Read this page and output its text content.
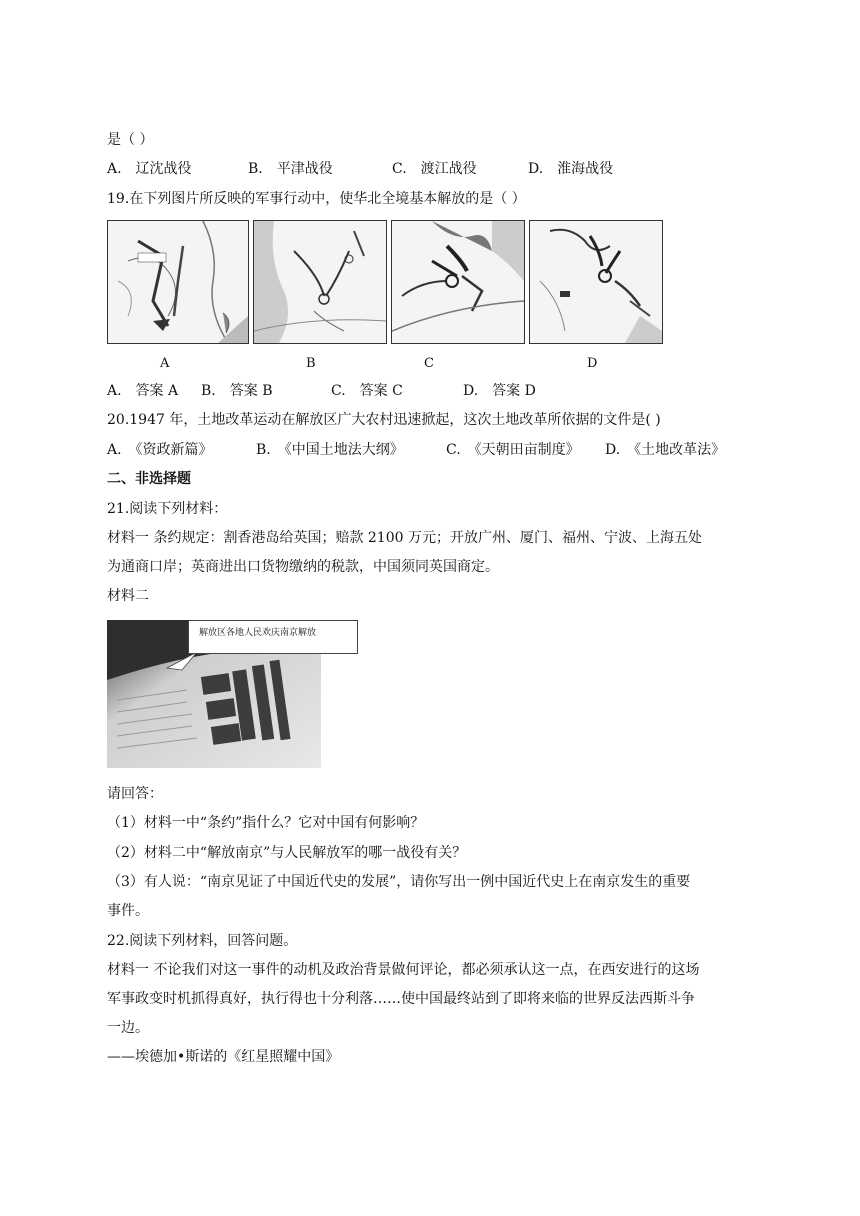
是（ ）
A.　辽沈战役	B.　平津战役	C.　渡江战役	D.　淮海战役
19.在下列图片所反映的军事行动中，使华北全境基本解放的是（ ）
A	B	C	D
A.　答案 A B.　答案 B	C.　答案 C	D.　答案 D
20.1947 年，土地改革运动在解放区广大农村迅速掀起，这次土地改革所依据的文件是( )
A.　《资政新篇》	B.　《中国土地法大纲》	C.　《天朝田亩制度》 D.　《土地改革法》
二、非选择题
21.阅读下列材料：
材料一 条约规定：割香港岛给英国；赔款 2100 万元；开放广州、厦门、福州、宁波、上海五处
为通商口岸；英商进出口货物缴纳的税款，中国须同英国商定。
材料二
解放区各地人民欢庆南京解放
请回答：
（1）材料一中“条约”指什么？它对中国有何影响？
（2）材料二中“解放南京”与人民解放军的哪一战役有关？
（3）有人说：“南京见证了中国近代史的发展”，请你写出一例中国近代史上在南京发生的重要
事件。
22.阅读下列材料，回答问题。
材料一 不论我们对这一事件的动机及政治背景做何评论，都必须承认这一点，在西安进行的这场
军事政变时机抓得真好，执行得也十分利落……使中国最终站到了即将来临的世界反法西斯斗争
一边。
——埃德加•斯诺的《红星照耀中国》
